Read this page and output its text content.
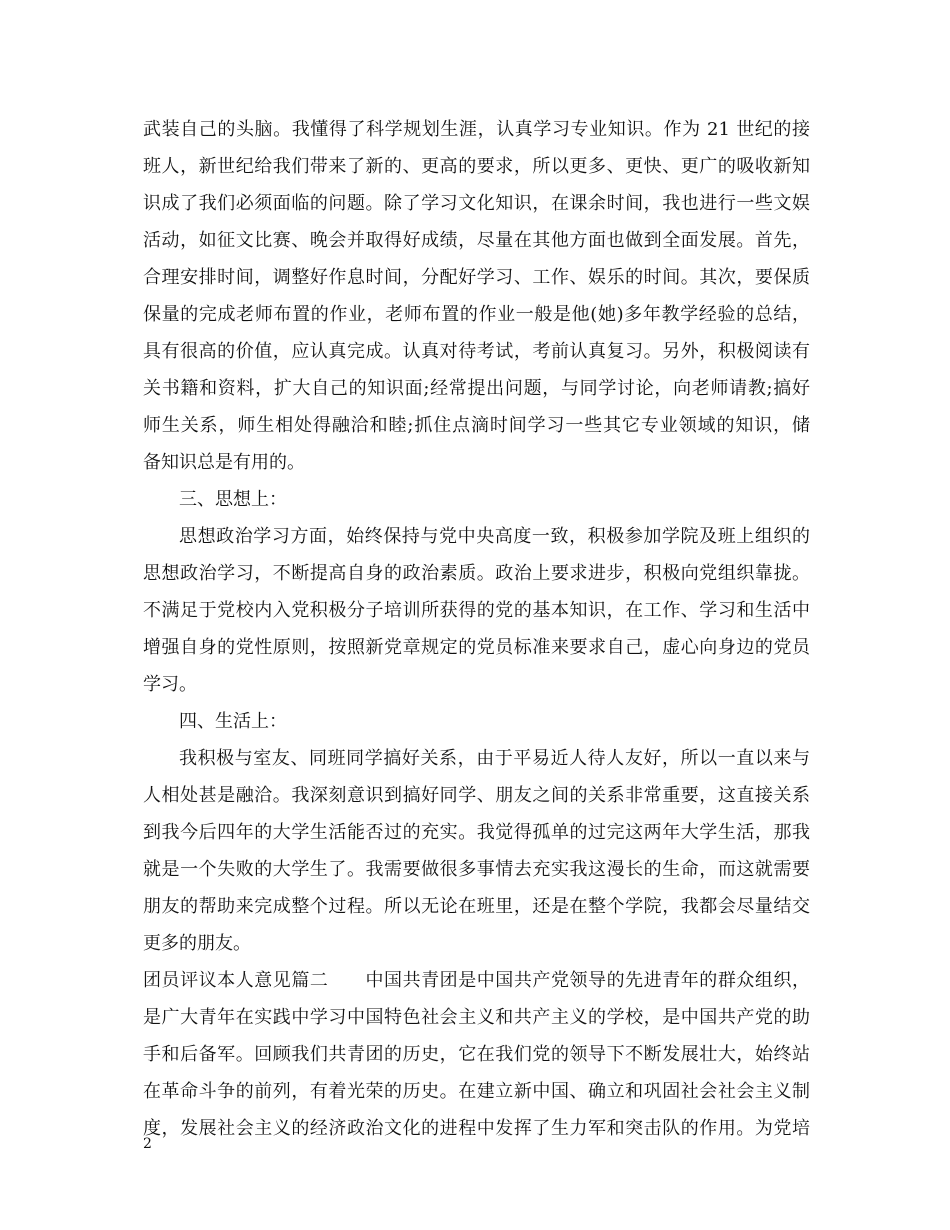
武装自己的头脑。我懂得了科学规划生涯，认真学习专业知识。作为 21 世纪的接
班人，新世纪给我们带来了新的、更高的要求，所以更多、更快、更广的吸收新知
识成了我们必须面临的问题。除了学习文化知识，在课余时间，我也进行一些文娱
活动，如征文比赛、晚会并取得好成绩，尽量在其他方面也做到全面发展。首先，
合理安排时间，调整好作息时间，分配好学习、工作、娱乐的时间。其次，要保质
保量的完成老师布置的作业，老师布置的作业一般是他(她)多年教学经验的总结，
具有很高的价值，应认真完成。认真对待考试，考前认真复习。另外，积极阅读有
关书籍和资料，扩大自己的知识面;经常提出问题，与同学讨论，向老师请教;搞好
师生关系，师生相处得融洽和睦;抓住点滴时间学习一些其它专业领域的知识，储
备知识总是有用的。
三、思想上：
思想政治学习方面，始终保持与党中央高度一致，积极参加学院及班上组织的
思想政治学习，不断提高自身的政治素质。政治上要求进步，积极向党组织靠拢。
不满足于党校内入党积极分子培训所获得的党的基本知识，在工作、学习和生活中
增强自身的党性原则，按照新党章规定的党员标准来要求自己，虚心向身边的党员
学习。
四、生活上：
我积极与室友、同班同学搞好关系，由于平易近人待人友好，所以一直以来与
人相处甚是融洽。我深刻意识到搞好同学、朋友之间的关系非常重要，这直接关系
到我今后四年的大学生活能否过的充实。我觉得孤单的过完这两年大学生活，那我
就是一个失败的大学生了。我需要做很多事情去充实我这漫长的生命，而这就需要
朋友的帮助来完成整个过程。所以无论在班里，还是在整个学院，我都会尽量结交
更多的朋友。
团员评议本人意见篇二　　中国共青团是中国共产党领导的先进青年的群众组织，
是广大青年在实践中学习中国特色社会主义和共产主义的学校，是中国共产党的助
手和后备军。回顾我们共青团的历史，它在我们党的领导下不断发展壮大，始终站
在革命斗争的前列，有着光荣的历史。在建立新中国、确立和巩固社会社会主义制
度，发展社会主义的经济政治文化的进程中发挥了生力军和突击队的作用。为党培
2
